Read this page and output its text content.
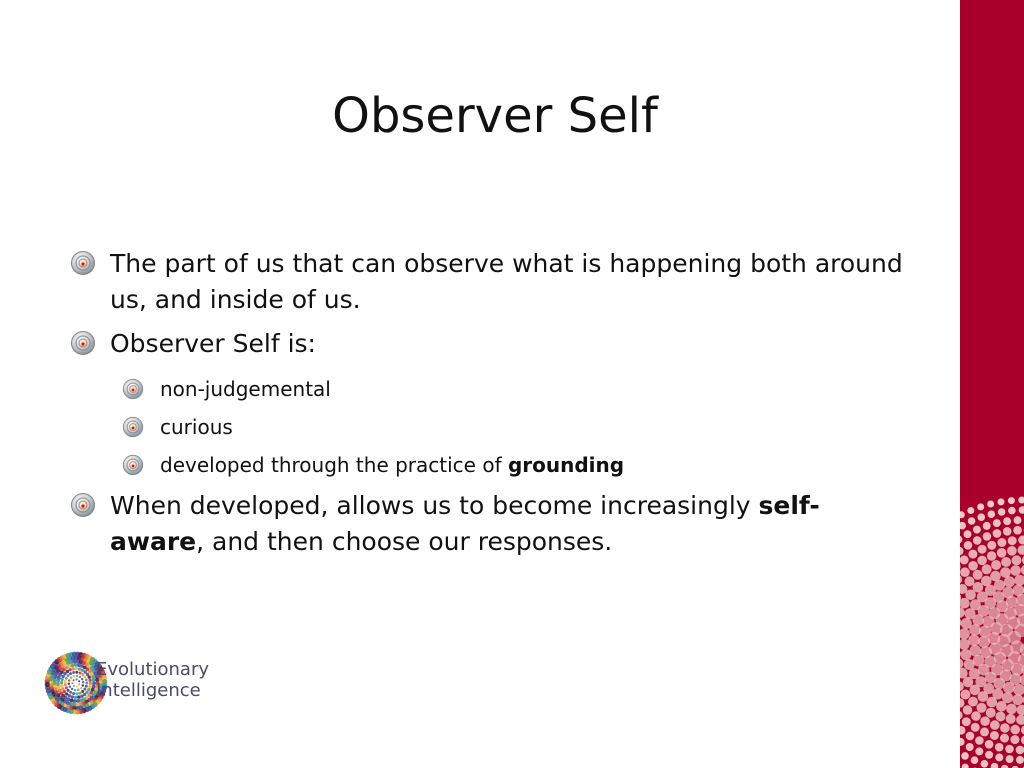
Observer Self
The part of us that can observe what is happening both around us, and inside of us.
Observer Self is:
non-judgemental
curious
developed through the practice of grounding
When developed, allows us to become increasingly self-
aware, and then choose our responses.
Evolutionary
Intelligence
